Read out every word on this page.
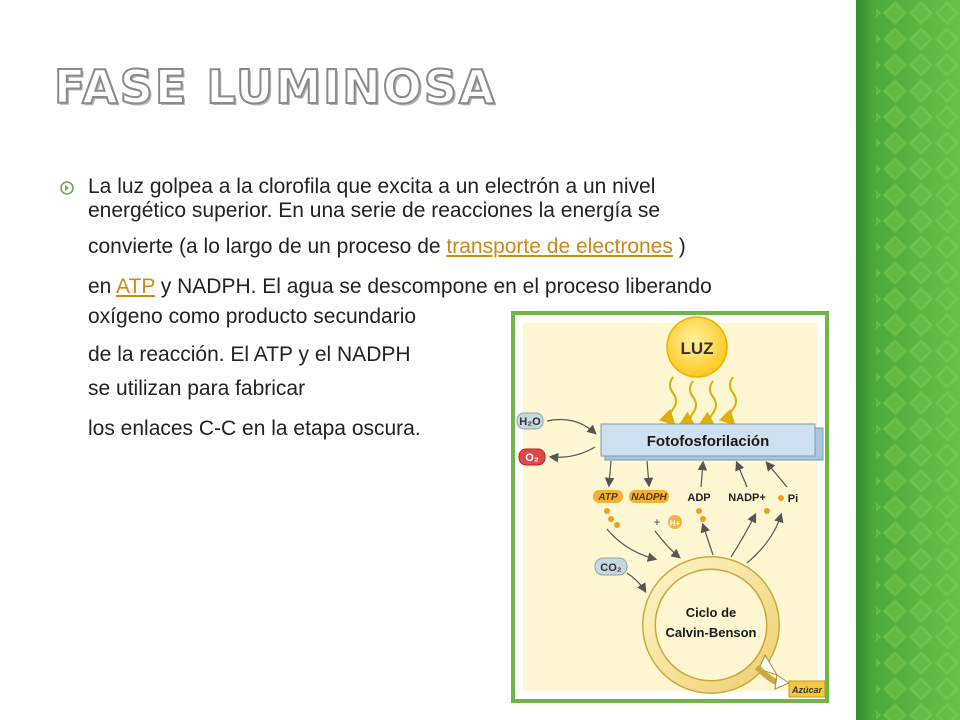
FASE LUMINOSA
La luz golpea a la clorofila que excita a un electrón a un nivel
energético superior. En una serie de reacciones la energía se
convierte (a lo largo de un proceso de transporte de electrones )
en ATP y NADPH. El agua se descompone en el proceso liberando
oxígeno como producto secundario
de la reacción. El ATP y el NADPH
se utilizan para fabricar
los enlaces C-C en la etapa oscura.
LUZ
Fotofosforilación
H₂O
O₂
ATP NADPH ADP NADP+ Pi
+ H+
CO₂
Ciclo de
Calvin-Benson
Azúcar
